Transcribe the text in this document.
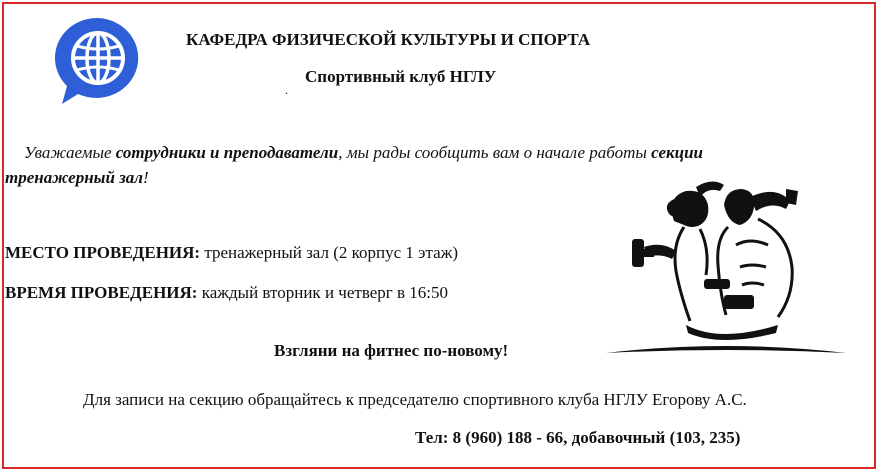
КАФЕДРА ФИЗИЧЕСКОЙ КУЛЬТУРЫ И СПОРТА
Спортивный клуб НГЛУ
.
Уважаемые сотрудники и преподаватели, мы рады сообщить вам о начале работы секции
тренажерный зал!
МЕСТО ПРОВЕДЕНИЯ: тренажерный зал (2 корпус 1 этаж)
ВРЕМЯ ПРОВЕДЕНИЯ: каждый вторник и четверг в 16:50
Взгляни на фитнес по-новому!
Для записи на секцию обращайтесь к председателю спортивного клуба НГЛУ Егорову А.С.
Тел: 8 (960) 188 - 66, добавочный (103, 235)
